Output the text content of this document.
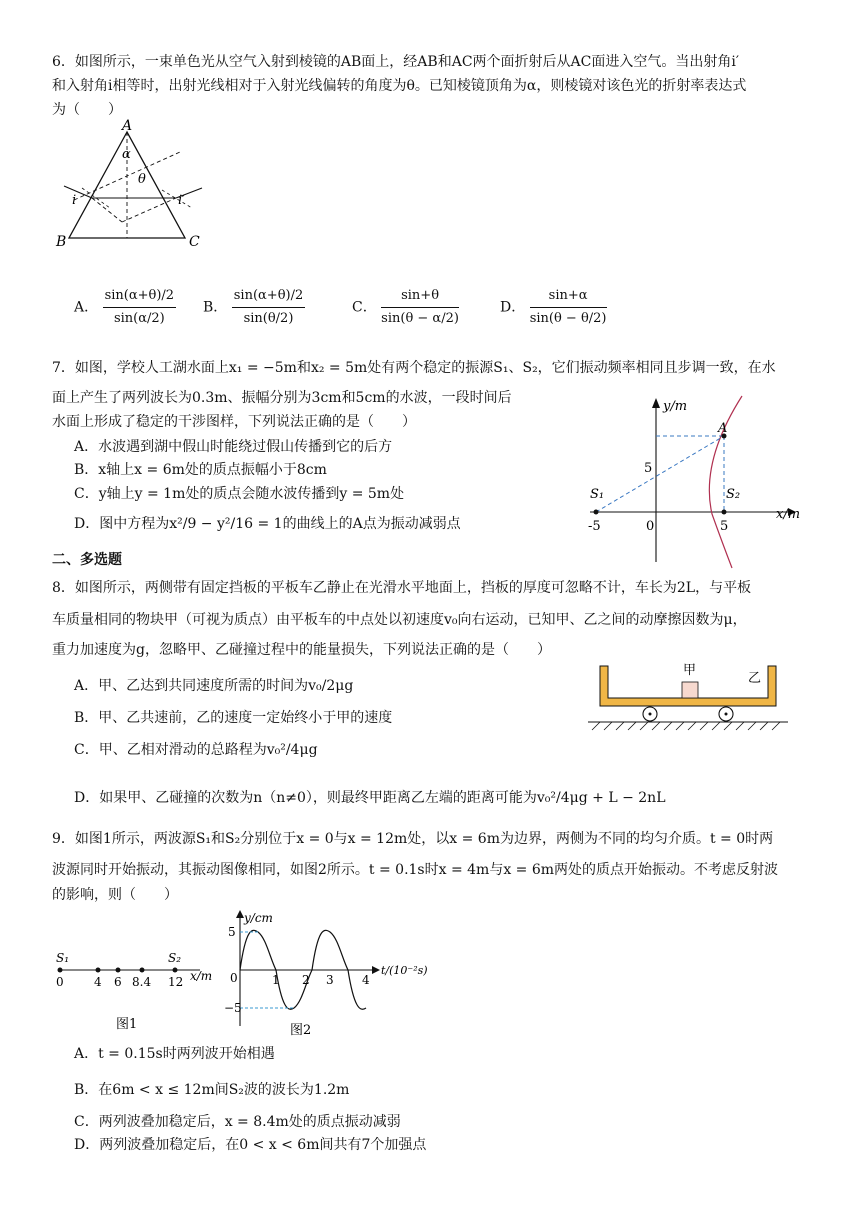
6．如图所示，一束单色光从空气入射到棱镜的AB面上，经AB和AC两个面折射后从AC面进入空气。当出射角i′
和入射角i相等时，出射光线相对于入射光线偏转的角度为θ。已知棱镜顶角为α，则棱镜对该色光的折射率表达式
为（　　）
A
B	C
α
θ
i	i′
A． $\frac{\sin(\alpha+\theta)/2}{\sin(\alpha/2)}$ B． $\frac{\sin(\alpha+\theta)/2}{\sin(\theta/2)}$	C． $\frac{\sin+\theta}{\sin(\theta - \alpha/2)}$	D． $\frac{\sin+\alpha}{\sin(\theta - \theta/2)}$
7．如图，学校人工湖水面上x₁ = −5m和x₂ = 5m处有两个稳定的振源S₁、S₂，它们振动频率相同且步调一致，在水
面上产生了两列波长为0.3m、振幅分别为3cm和5cm的水波，一段时间后
水面上形成了稳定的干涉图样，下列说法正确的是（　　）
A．水波遇到湖中假山时能绕过假山传播到它的后方
B．x轴上x = 6m处的质点振幅小于8cm
C．y轴上y = 1m处的质点会随水波传播到y = 5m处
D．图中方程为x²/9 − y²/16 = 1的曲线上的A点为振动减弱点
y/m
x/m
A
S₁	S₂
5
-5	0	5
二、多选题
8．如图所示，两侧带有固定挡板的平板车乙静止在光滑水平地面上，挡板的厚度可忽略不计，车长为2L，与平板
车质量相同的物块甲（可视为质点）由平板车的中点处以初速度v₀向右运动，已知甲、乙之间的动摩擦因数为μ，
重力加速度为g，忽略甲、乙碰撞过程中的能量损失，下列说法正确的是（　　）
A．甲、乙达到共同速度所需的时间为v₀/2μg
B．甲、乙共速前，乙的速度一定始终小于甲的速度
C．甲、乙相对滑动的总路程为v₀²/4μg
D．如果甲、乙碰撞的次数为n（n≠0），则最终甲距离乙左端的距离可能为v₀²/4μg + L − 2nL
甲
乙
9．如图1所示，两波源S₁和S₂分别位于x = 0与x = 12m处，以x = 6m为边界，两侧为不同的均匀介质。t = 0时两
波源同时开始振动，其振动图像相同，如图2所示。t = 0.1s时x = 4m与x = 6m两处的质点开始振动。不考虑反射波
的影响，则（　　）
S₁	S₂
0	4 6 8.4 12 x/m
图1
y/cm
t/(10⁻²s)
5
−5
0	1 2 3 4
图2
A．t = 0.15s时两列波开始相遇
B．在6m < x ≤ 12m间S₂波的波长为1.2m
C．两列波叠加稳定后，x = 8.4m处的质点振动减弱
D．两列波叠加稳定后，在0 < x < 6m间共有7个加强点
